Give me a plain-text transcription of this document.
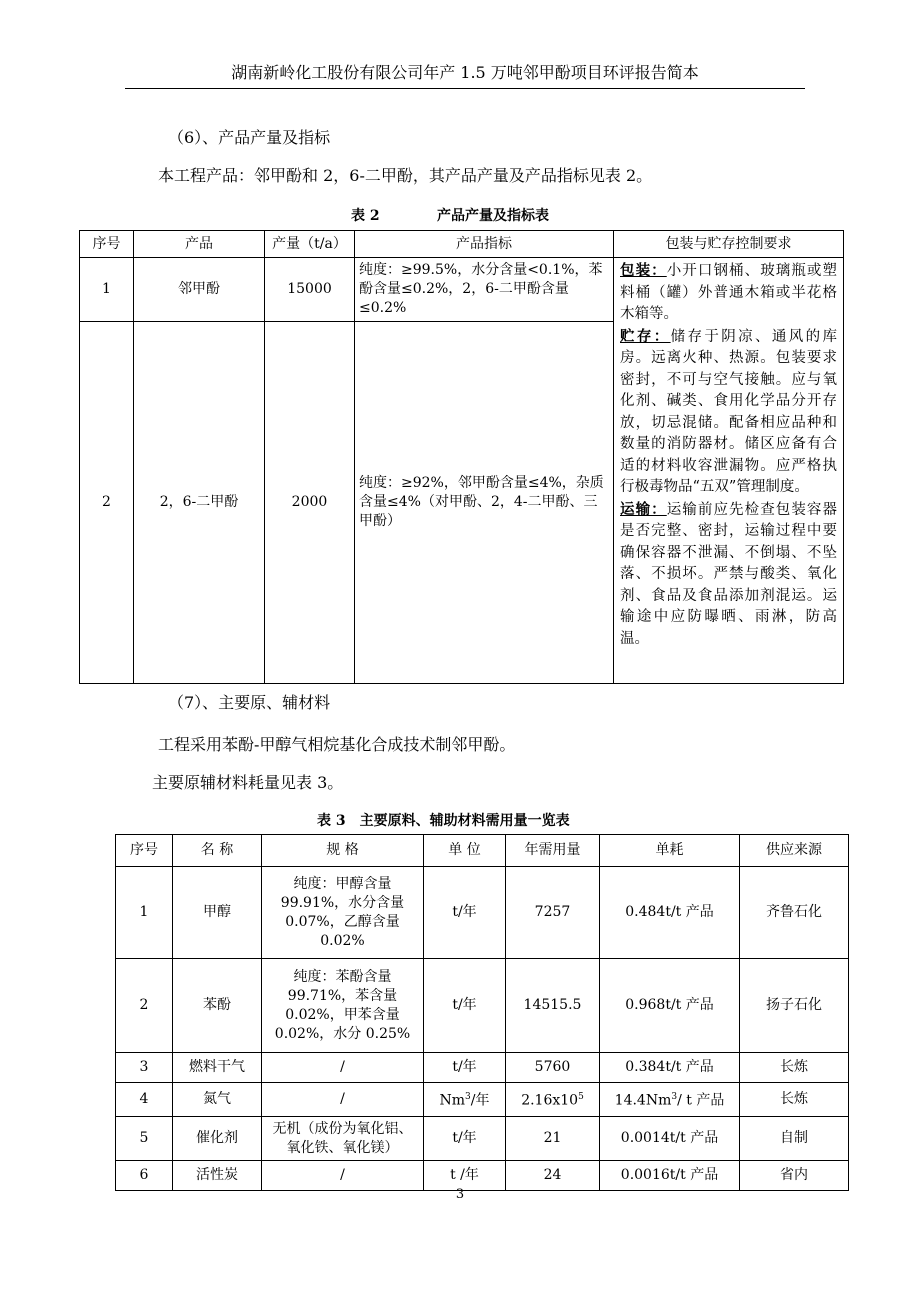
湖南新岭化工股份有限公司年产 1.5 万吨邻甲酚项目环评报告简本
（6）、产品产量及指标
本工程产品：邻甲酚和 2，6-二甲酚，其产品产量及产品指标见表 2。
表 2	产品产量及指标表
序号	产品	产量（t/a）	产品指标	包装与贮存控制要求
1	邻甲酚	15000	纯度：≥99.5%，水分含量<0.1%，苯酚含量≤0.2%，2，6-二甲酚含量≤0.2%	包装：小开口钢桶、玻璃瓶或塑料桶（罐）外普通木箱或半花格木箱等。
贮存：储存于阴凉、通风的库房。远离火种、热源。包装要求密封，不可与空气接触。应与氧化剂、碱类、食用化学品分开存放，切忌混储。配备相应品种和数量的消防器材。储区应备有合适的材料收容泄漏物。应严格执行极毒物品“五双”管理制度。
运输：运输前应先检查包装容器是否完整、密封，运输过程中要确保容器不泄漏、不倒塌、不坠落、不损坏。严禁与酸类、氧化剂、食品及食品添加剂混运。运输途中应防曝晒、雨淋，防高温。
2	2，6-二甲酚	2000	纯度：≥92%，邻甲酚含量≤4%，杂质含量≤4%（对甲酚、2，4-二甲酚、三甲酚）	
（7）、主要原、辅材料
工程采用苯酚-甲醇气相烷基化合成技术制邻甲酚。
主要原辅材料耗量见表 3。
表 3　主要原料、辅助材料需用量一览表
序号	名 称	规 格	单 位	年需用量	单耗	供应来源
1	甲醇	纯度：甲醇含量 99.91%，水分含量 0.07%，乙醇含量 0.02%	t/年	7257	0.484t/t 产品	齐鲁石化
2	苯酚	纯度：苯酚含量 99.71%，苯含量 0.02%，甲苯含量 0.02%，水分 0.25%	t/年	14515.5	0.968t/t 产品	扬子石化
3	燃料干气	/	t/年	5760	0.384t/t 产品	长炼
4	氮气	/	Nm$^3$/年	$2.16x10^5$	14.4Nm$^3$/ t 产品	长炼
5	催化剂	无机（成份为氧化铝、氧化铁、氧化镁）	t/年	21	0.0014t/t 产品	自制
6	活性炭	/	t /年	24	0.0016t/t 产品	省内
3
